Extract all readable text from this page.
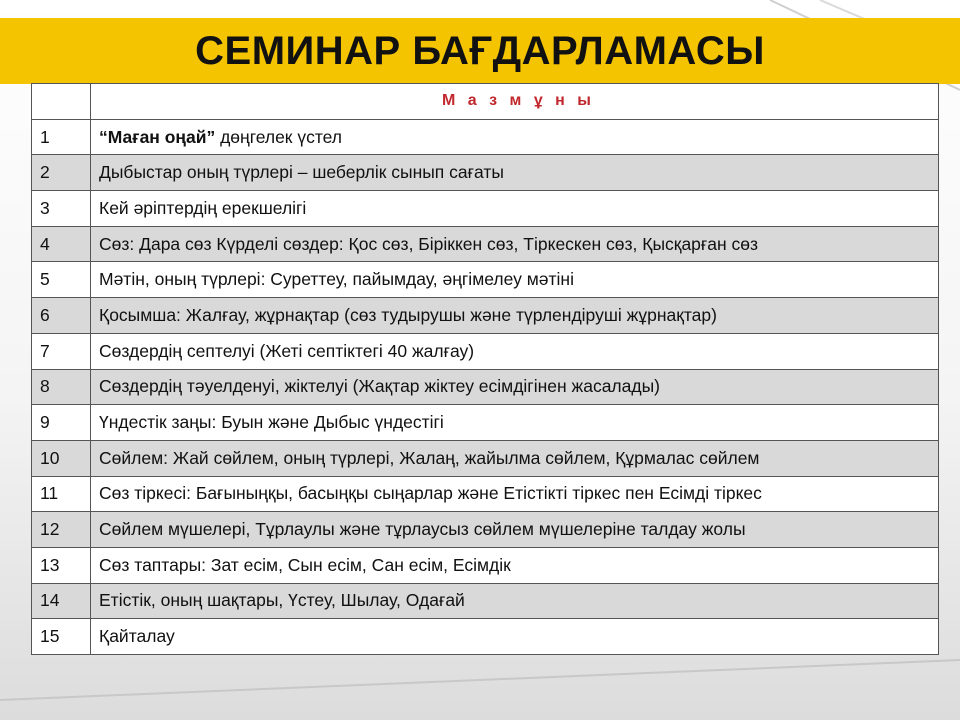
СЕМИНАР БАҒДАРЛАМАСЫ
	М а з м ұ н ы
1	“Маған оңай” дөңгелек үстел
2	Дыбыстар оның түрлері – шеберлік сынып сағаты
3	Кей әріптердің ерекшелігі
4	Сөз: Дара сөз Күрделі сөздер: Қос сөз, Біріккен сөз, Тіркескен сөз, Қысқарған сөз
5	Мәтін, оның түрлері: Суреттеу, пайымдау, әңгімелеу мәтіні
6	Қосымша: Жалғау, жұрнақтар (сөз тудырушы және түрлендіруші жұрнақтар)
7	Сөздердің септелуі (Жеті септіктегі 40 жалғау)
8	Сөздердің тәуелденуі, жіктелуі (Жақтар жіктеу есімдігінен жасалады)
9	Үндестік заңы: Буын және Дыбыс үндестігі
10	Сөйлем: Жай сөйлем, оның түрлері, Жалаң, жайылма сөйлем, Құрмалас сөйлем
11	Сөз тіркесі: Бағыныңқы, басыңқы сыңарлар және Етістікті тіркес пен Есімді тіркес
12	Сөйлем мүшелері, Тұрлаулы және тұрлаусыз сөйлем мүшелеріне талдау жолы
13	Сөз таптары: Зат есім, Сын есім, Сан есім, Есімдік
14	Етістік, оның шақтары, Үстеу, Шылау, Одағай
15	Қайталау
